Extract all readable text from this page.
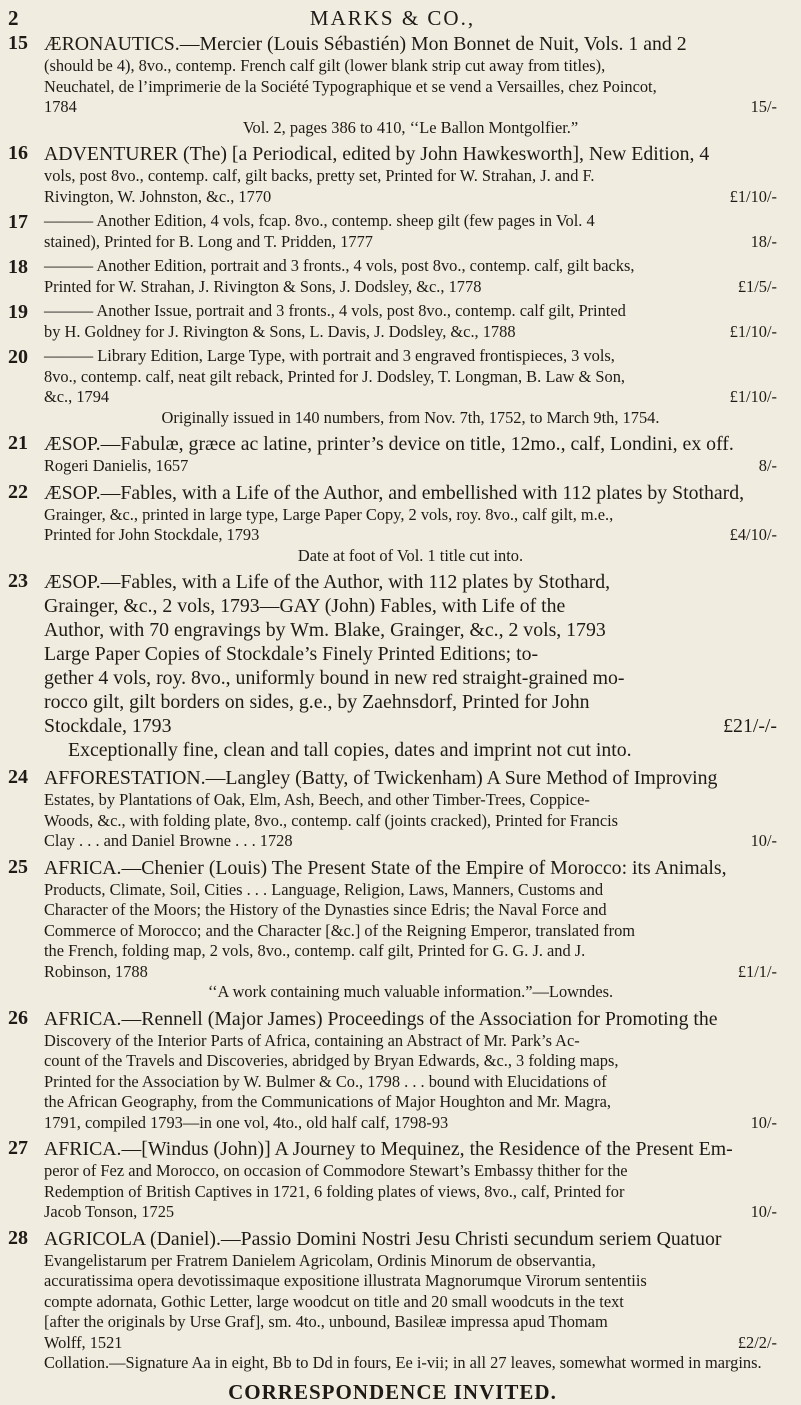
2	MARKS & CO.,
15 ÆRONAUTICS.—Mercier (Louis Sébastién) Mon Bonnet de Nuit, Vols. 1 and 2
(should be 4), 8vo., contemp. French calf gilt (lower blank strip cut away from titles),
Neuchatel, de l’imprimerie de la Société Typographique et se vend a Versailles, chez Poincot,
15/-
1784
Vol. 2, pages 386 to 410, ‘‘Le Ballon Montgolfier.”
16 ADVENTURER (The) [a Periodical, edited by John Hawkesworth], New Edition, 4
vols, post 8vo., contemp. calf, gilt backs, pretty set, Printed for W. Strahan, J. and F.
£1/10/-
Rivington, W. Johnston, &c., 1770
17 ——— Another Edition, 4 vols, fcap. 8vo., contemp. sheep gilt (few pages in Vol. 4
18/-
stained), Printed for B. Long and T. Pridden, 1777
18 ——— Another Edition, portrait and 3 fronts., 4 vols, post 8vo., contemp. calf, gilt backs,
£1/5/-
Printed for W. Strahan, J. Rivington & Sons, J. Dodsley, &c., 1778
19 ——— Another Issue, portrait and 3 fronts., 4 vols, post 8vo., contemp. calf gilt, Printed
£1/10/-
by H. Goldney for J. Rivington & Sons, L. Davis, J. Dodsley, &c., 1788
20 ——— Library Edition, Large Type, with portrait and 3 engraved frontispieces, 3 vols,
8vo., contemp. calf, neat gilt reback, Printed for J. Dodsley, T. Longman, B. Law & Son,
£1/10/-
&c., 1794
Originally issued in 140 numbers, from Nov. 7th, 1752, to March 9th, 1754.
21 ÆSOP.—Fabulæ, græce ac latine, printer’s device on title, 12mo., calf, Londini, ex off.
8/-
Rogeri Danielis, 1657
22 ÆSOP.—Fables, with a Life of the Author, and embellished with 112 plates by Stothard,
Grainger, &c., printed in large type, Large Paper Copy, 2 vols, roy. 8vo., calf gilt, m.e.,
£4/10/-
Printed for John Stockdale, 1793
Date at foot of Vol. 1 title cut into.
23 ÆSOP.—Fables, with a Life of the Author, with 112 plates by Stothard,
Grainger, &c., 2 vols, 1793—GAY (John) Fables, with Life of the
Author, with 70 engravings by Wm. Blake, Grainger, &c., 2 vols, 1793
Large Paper Copies of Stockdale’s Finely Printed Editions; to-
gether 4 vols, roy. 8vo., uniformly bound in new red straight-grained mo-
rocco gilt, gilt borders on sides, g.e., by Zaehnsdorf, Printed for John
£21/-/-
Stockdale, 1793
Exceptionally fine, clean and tall copies, dates and imprint not cut into.
24 AFFORESTATION.—Langley (Batty, of Twickenham) A Sure Method of Improving
Estates, by Plantations of Oak, Elm, Ash, Beech, and other Timber-Trees, Coppice-
Woods, &c., with folding plate, 8vo., contemp. calf (joints cracked), Printed for Francis
10/-
Clay . . . and Daniel Browne . . . 1728
25 AFRICA.—Chenier (Louis) The Present State of the Empire of Morocco: its Animals,
Products, Climate, Soil, Cities . . . Language, Religion, Laws, Manners, Customs and
Character of the Moors; the History of the Dynasties since Edris; the Naval Force and
Commerce of Morocco; and the Character [&c.] of the Reigning Emperor, translated from
the French, folding map, 2 vols, 8vo., contemp. calf gilt, Printed for G. G. J. and J.
£1/1/-
Robinson, 1788
‘‘A work containing much valuable information.”—Lowndes.
26 AFRICA.—Rennell (Major James) Proceedings of the Association for Promoting the
Discovery of the Interior Parts of Africa, containing an Abstract of Mr. Park’s Ac-
count of the Travels and Discoveries, abridged by Bryan Edwards, &c., 3 folding maps,
Printed for the Association by W. Bulmer & Co., 1798 . . . bound with Elucidations of
the African Geography, from the Communications of Major Houghton and Mr. Magra,
10/-
1791, compiled 1793—in one vol, 4to., old half calf, 1798-93
27 AFRICA.—[Windus (John)] A Journey to Mequinez, the Residence of the Present Em-
peror of Fez and Morocco, on occasion of Commodore Stewart’s Embassy thither for the
Redemption of British Captives in 1721, 6 folding plates of views, 8vo., calf, Printed for
10/-
Jacob Tonson, 1725
28 AGRICOLA (Daniel).—Passio Domini Nostri Jesu Christi secundum seriem Quatuor
Evangelistarum per Fratrem Danielem Agricolam, Ordinis Minorum de observantia,
accuratissima opera devotissimaque expositione illustrata Magnorumque Virorum sententiis
compte adornata, Gothic Letter, large woodcut on title and 20 small woodcuts in the text
[after the originals by Urse Graf], sm. 4to., unbound, Basileæ impressa apud Thomam
£2/2/-
Wolff, 1521
Collation.—Signature Aa in eight, Bb to Dd in fours, Ee i-vii; in all 27 leaves, somewhat wormed in margins.
CORRESPONDENCE INVITED.
